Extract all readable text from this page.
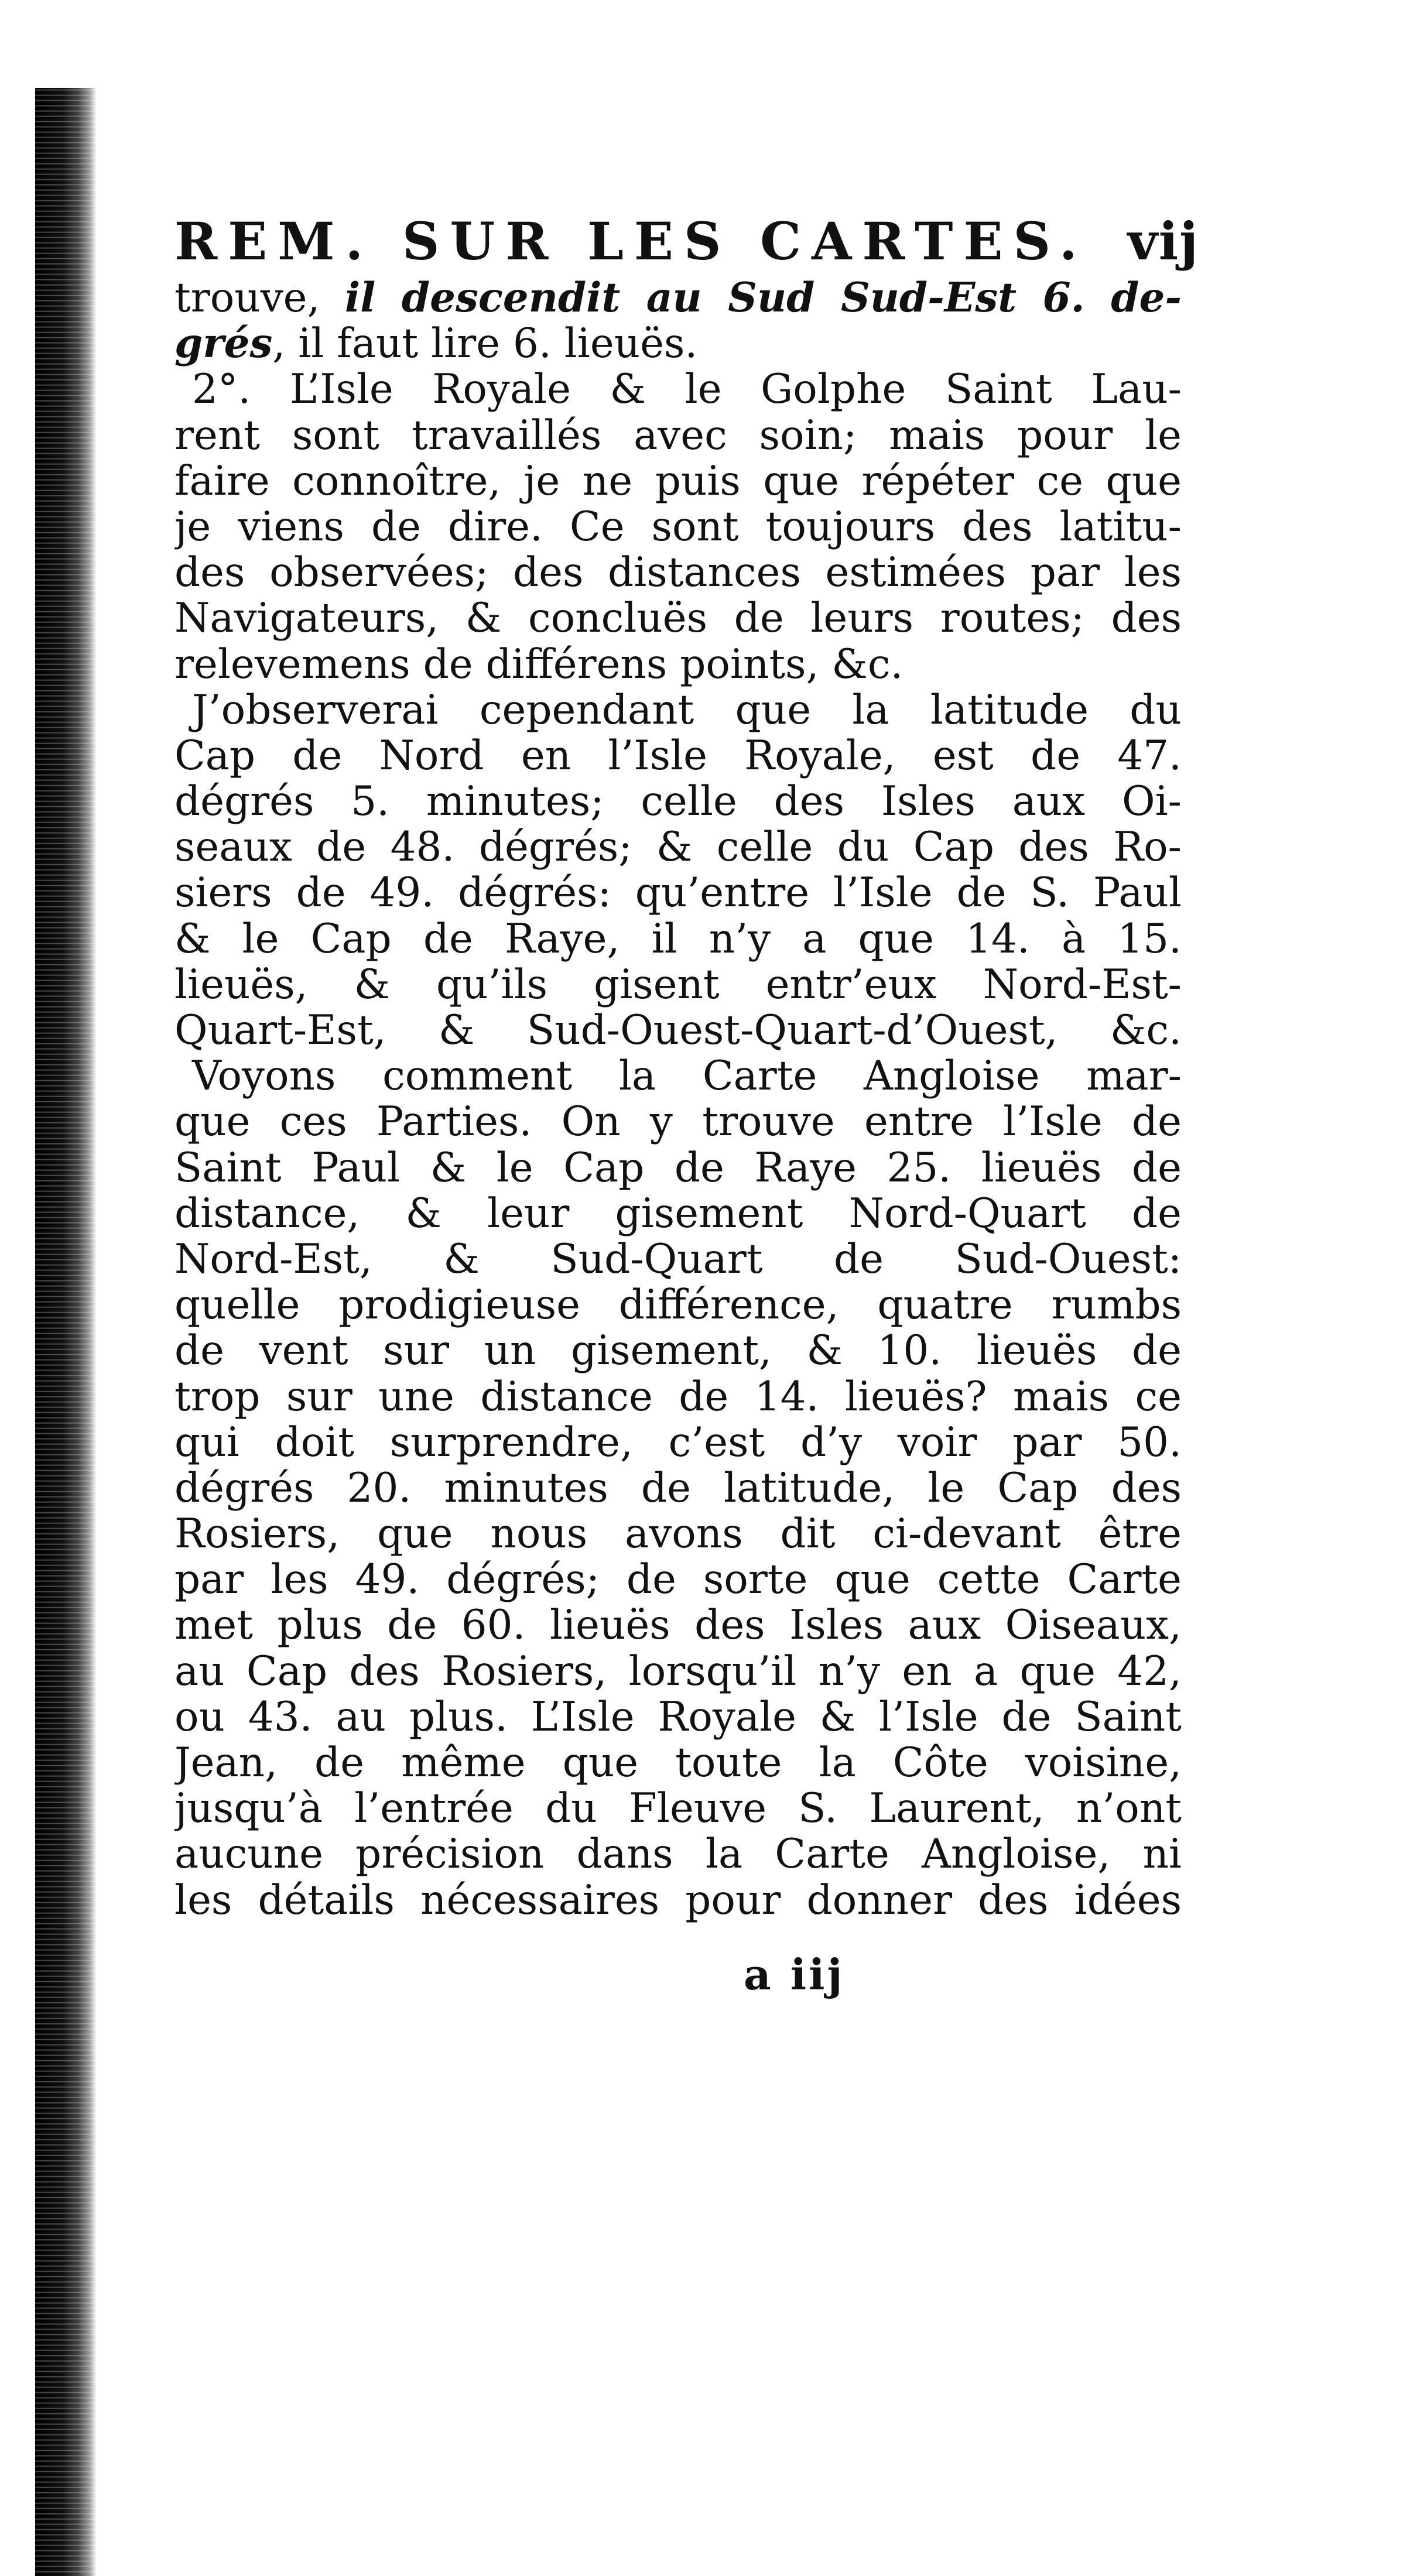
REM. SUR LES CARTES. vij
trouve, il descendit au Sud Sud-Est 6. de-
grés, il faut lire 6. lieuës.
2°. L’Isle Royale & le Golphe Saint Lau-
rent sont travaillés avec soin; mais pour le
faire connoître, je ne puis que répéter ce que
je viens de dire. Ce sont toujours des latitu-
des observées; des distances estimées par les
Navigateurs, & concluës de leurs routes; des
relevemens de différens points, &c.
J’observerai cependant que la latitude du
Cap de Nord en l’Isle Royale, est de 47.
dégrés 5. minutes; celle des Isles aux Oi-
seaux de 48. dégrés; & celle du Cap des Ro-
siers de 49. dégrés: qu’entre l’Isle de S. Paul
& le Cap de Raye, il n’y a que 14. à 15.
lieuës, & qu’ils gisent entr’eux Nord-Est-
Quart-Est, & Sud-Ouest-Quart-d’Ouest, &c.
Voyons comment la Carte Angloise mar-
que ces Parties. On y trouve entre l’Isle de
Saint Paul & le Cap de Raye 25. lieuës de
distance, & leur gisement Nord-Quart de
Nord-Est, & Sud-Quart de Sud-Ouest:
quelle prodigieuse différence, quatre rumbs
de vent sur un gisement, & 10. lieuës de
trop sur une distance de 14. lieuës? mais ce
qui doit surprendre, c’est d’y voir par 50.
dégrés 20. minutes de latitude, le Cap des
Rosiers, que nous avons dit ci-devant être
par les 49. dégrés; de sorte que cette Carte
met plus de 60. lieuës des Isles aux Oiseaux,
au Cap des Rosiers, lorsqu’il n’y en a que 42,
ou 43. au plus. L’Isle Royale & l’Isle de Saint
Jean, de même que toute la Côte voisine,
jusqu’à l’entrée du Fleuve S. Laurent, n’ont
aucune précision dans la Carte Angloise, ni
les détails nécessaires pour donner des idées
a iij
